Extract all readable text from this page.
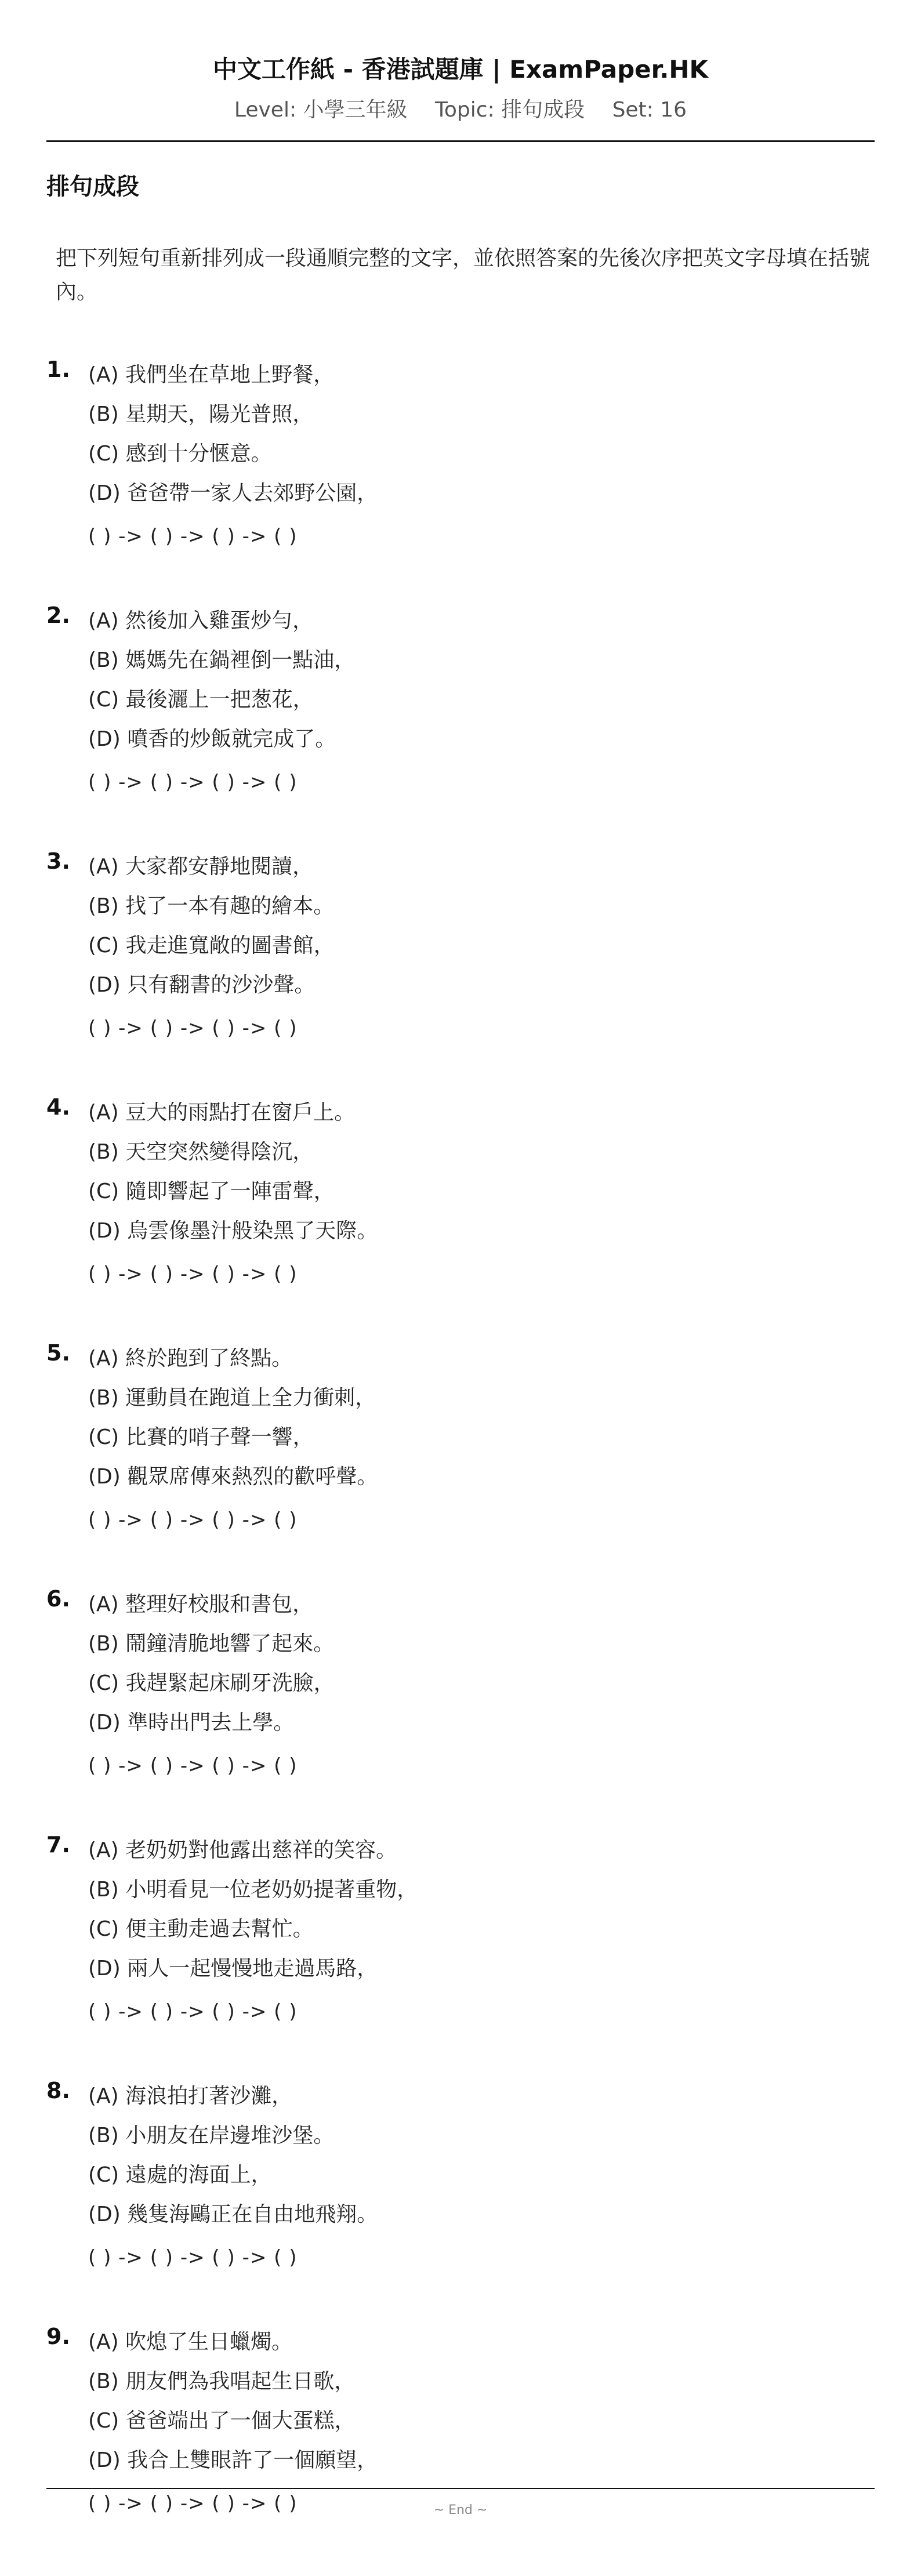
中文工作紙 - 香港試題庫 | ExamPaper.HK
Level: 小學三年級 Topic: 排句成段 Set: 16
排句成段
把下列短句重新排列成一段通順完整的文字，並依照答案的先後次序把英文字母填在括號內。
1. (A) 我們坐在草地上野餐，
(B) 星期天，陽光普照，
(C) 感到十分愜意。
(D) 爸爸帶一家人去郊野公園，
( ) -> ( ) -> ( ) -> ( )
2. (A) 然後加入雞蛋炒勻，
(B) 媽媽先在鍋裡倒一點油，
(C) 最後灑上一把葱花，
(D) 噴香的炒飯就完成了。
( ) -> ( ) -> ( ) -> ( )
3. (A) 大家都安靜地閱讀，
(B) 找了一本有趣的繪本。
(C) 我走進寬敞的圖書館，
(D) 只有翻書的沙沙聲。
( ) -> ( ) -> ( ) -> ( )
4. (A) 豆大的雨點打在窗戶上。
(B) 天空突然變得陰沉，
(C) 隨即響起了一陣雷聲，
(D) 烏雲像墨汁般染黑了天際。
( ) -> ( ) -> ( ) -> ( )
5. (A) 終於跑到了終點。
(B) 運動員在跑道上全力衝刺，
(C) 比賽的哨子聲一響，
(D) 觀眾席傳來熱烈的歡呼聲。
( ) -> ( ) -> ( ) -> ( )
6. (A) 整理好校服和書包，
(B) 鬧鐘清脆地響了起來。
(C) 我趕緊起床刷牙洗臉，
(D) 準時出門去上學。
( ) -> ( ) -> ( ) -> ( )
7. (A) 老奶奶對他露出慈祥的笑容。
(B) 小明看見一位老奶奶提著重物，
(C) 便主動走過去幫忙。
(D) 兩人一起慢慢地走過馬路，
( ) -> ( ) -> ( ) -> ( )
8. (A) 海浪拍打著沙灘，
(B) 小朋友在岸邊堆沙堡。
(C) 遠處的海面上，
(D) 幾隻海鷗正在自由地飛翔。
( ) -> ( ) -> ( ) -> ( )
9. (A) 吹熄了生日蠟燭。
(B) 朋友們為我唱起生日歌，
(C) 爸爸端出了一個大蛋糕，
(D) 我合上雙眼許了一個願望，
( ) -> ( ) -> ( ) -> ( )	~ End ~
